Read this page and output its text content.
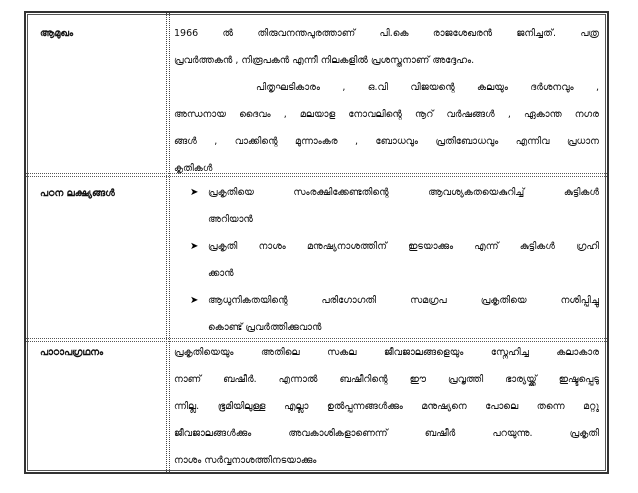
ആമുഖം	1966 ൽ തിരുവനന്തപുരത്താണ് പി.കെ രാജശേഖരൻ ജനിച്ചത്. പത്ര
പ്രവർത്തകൻ , നിരൂപകൻ എന്നീ നിലകളിൽ പ്രശസ്തനാണ് അദ്ദേഹം.
പിതൃഘടികാരം , ഒ.വി വിജയന്റെ കലയും ദർശനവും ,
അന്ധനായ ദൈവം , മലയാള നോവലിന്റെ നൂറ് വർഷങ്ങൾ , ഏകാന്ത നഗര
ങ്ങൾ , വാക്കിന്റെ മുന്നാംകര , ബോധവും പ്രതിബോധവും എന്നിവ പ്രധാന
കൃതികൾ
പഠന ലക്ഷ്യങ്ങൾ	➤ പ്രകൃതിയെ സംരക്ഷിക്കേണ്ടതിന്റെ ആവശ്യകതയെകുറിച്ച് കുട്ടികൾ
അറിയാൻ
➤ പ്രകൃതി നാശം മനുഷ്യനാശത്തിന് ഇടയാക്കും എന്ന് കുട്ടികൾ ഗ്രഹി
ക്കാൻ
➤ ആധുനികതയിന്റെ പരിഗോഗതി സമഗ്രപ പ്രകൃതിയെ നശിപ്പിച്ചു
കൊണ്ട് പ്രവർത്തിക്കുവാൻ
പാഠാപഗ്രഥനം	പ്രകൃതിയെയും അതിലെ സകല ജീവജാലങ്ങളെയും സ്നേഹിച്ച കലാകാര
നാണ് ബഷീർ. എന്നാൽ ബഷീറിന്റെ ഈ പ്രവൃത്തി ഭാര്യയ്ക്ക് ഇഷ്ടപ്പെടു
ന്നില്ല. ഭൂമിയിലുള്ള എല്ലാ ഉൽപ്പന്നങ്ങൾക്കും മനുഷ്യനെ പോലെ തന്നെ മറ്റു
ജീവജാലങ്ങൾക്കും അവകാശികളാണെന്ന് ബഷീർ പറയുന്നു. പ്രകൃതി
നാശം സർവ്വനാശത്തിനടയാക്കും
